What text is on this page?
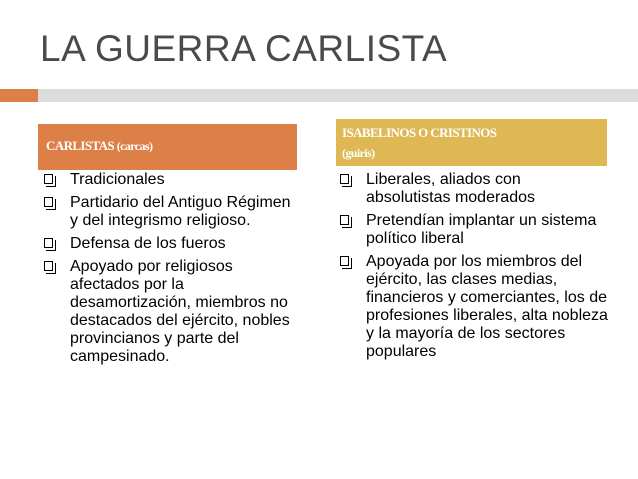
LA GUERRA CARLISTA
CARLISTAS (carcas)
ISABELINOS O CRISTINOS
(guiris)
Tradicionales
Partidario del Antiguo Régimen y del integrismo religioso.
Defensa de los fueros
Apoyado por religiosos afectados por la desamortización, miembros no destacados del ejército, nobles provincianos y parte del campesinado.
Liberales, aliados con absolutistas moderados
Pretendían implantar un sistema político liberal
Apoyada por los miembros del ejército, las clases medias, financieros y comerciantes, los de profesiones liberales, alta nobleza y la mayoría de los sectores populares
